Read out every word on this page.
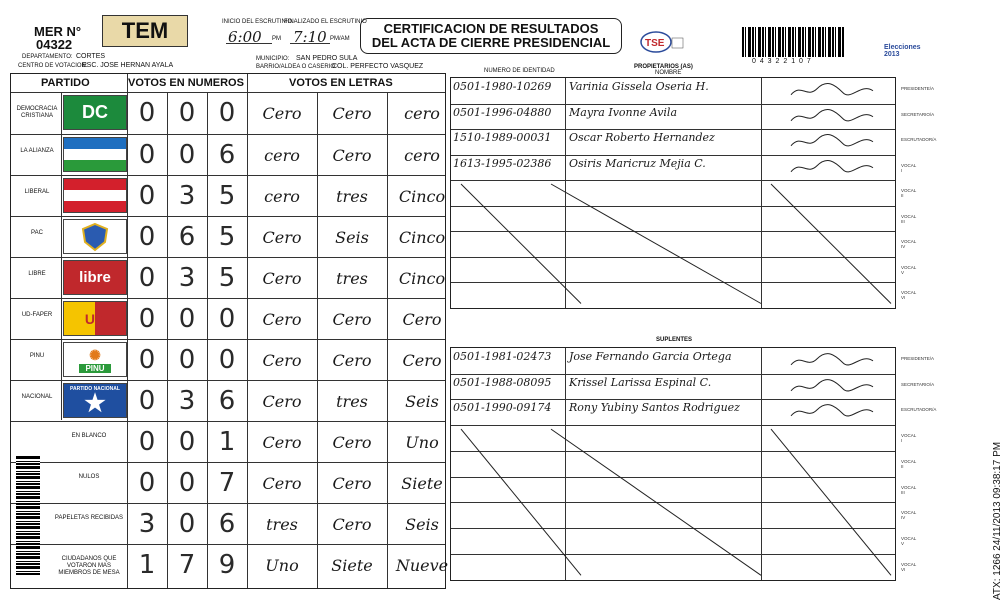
MER N°
04322
TEM	INICIO DEL ESCRUTINIO
FINALIZADO EL ESCRUTINIO
6:00 PM 7:10 PM/AM
CERTIFICACION DE RESULTADOS
DEL ACTA DE CIERRE PRESIDENCIAL	TSE
PROPIETARIOS (AS)
NOMBRE
NUMERO DE IDENTIDAD
0 4 3 2 2 1 0 7
Elecciones 2013
DEPARTAMENTO: CORTES
CENTRO DE VOTACION:
ESC. JOSE HERNAN AYALA
MUNICIPIO: SAN PEDRO SULA
BARRIO/ALDEA O CASERIO:
COL. PERFECTO VASQUEZ
PARTIDO	VOTOS EN NUMEROS	VOTOS EN LETRAS
DEMOCRACIA CRISTIANA	DC	0 0 0	Cero	Cero	cero
LA ALIANZA	0 0 6	cero	Cero	cero
LIBERAL	0 3 5	cero	tres	Cinco
PAC	0 6 5	Cero	Seis	Cinco
LIBRE	libre	0 3 5	Cero	tres	Cinco
UD-FAPER	UD	0 0 0	Cero	Cero	Cero
PINU	✺
PINU	0 0 0	Cero	Cero	Cero
NACIONAL
PARTIDO NACIONAL
★	0 3 6	Cero	tres	Seis
EN BLANCO	0 0 1	Cero	Cero	Uno
NULOS	0 0 7	Cero	Cero	Siete
PAPELETAS RECIBIDAS 3 0 6	tres	Cero	Seis
CIUDADANOS QUE VOTARON MAS MIEMBROS DE MESA 1 7 9	Uno	Siete	Nueve
0501-1980-10269 Varinia Gissela Oseria H.	PRESIDENTE/A
0501-1996-04880 Mayra Ivonne Avila	SECRETARIO/A
1510-1989-00031 Oscar Roberto Hernandez	ESCRUTADOR/A
1613-1995-02386 Osiris Maricruz Mejia C.	VOCAL I
VOCAL II
VOCAL III
VOCAL IV
VOCAL V
VOCAL VI
SUPLENTES
0501-1981-02473 Jose Fernando Garcia Ortega	PRESIDENTE/A
0501-1988-08095 Krissel Larissa Espinal C.	SECRETARIO/A
0501-1990-09174 Rony Yubiny Santos Rodriguez	ESCRUTADOR/A
VOCAL I
VOCAL II
VOCAL III
VOCAL IV
VOCAL V
VOCAL VI	ATX: 1266 24/11/2013 09:38:17 PM
